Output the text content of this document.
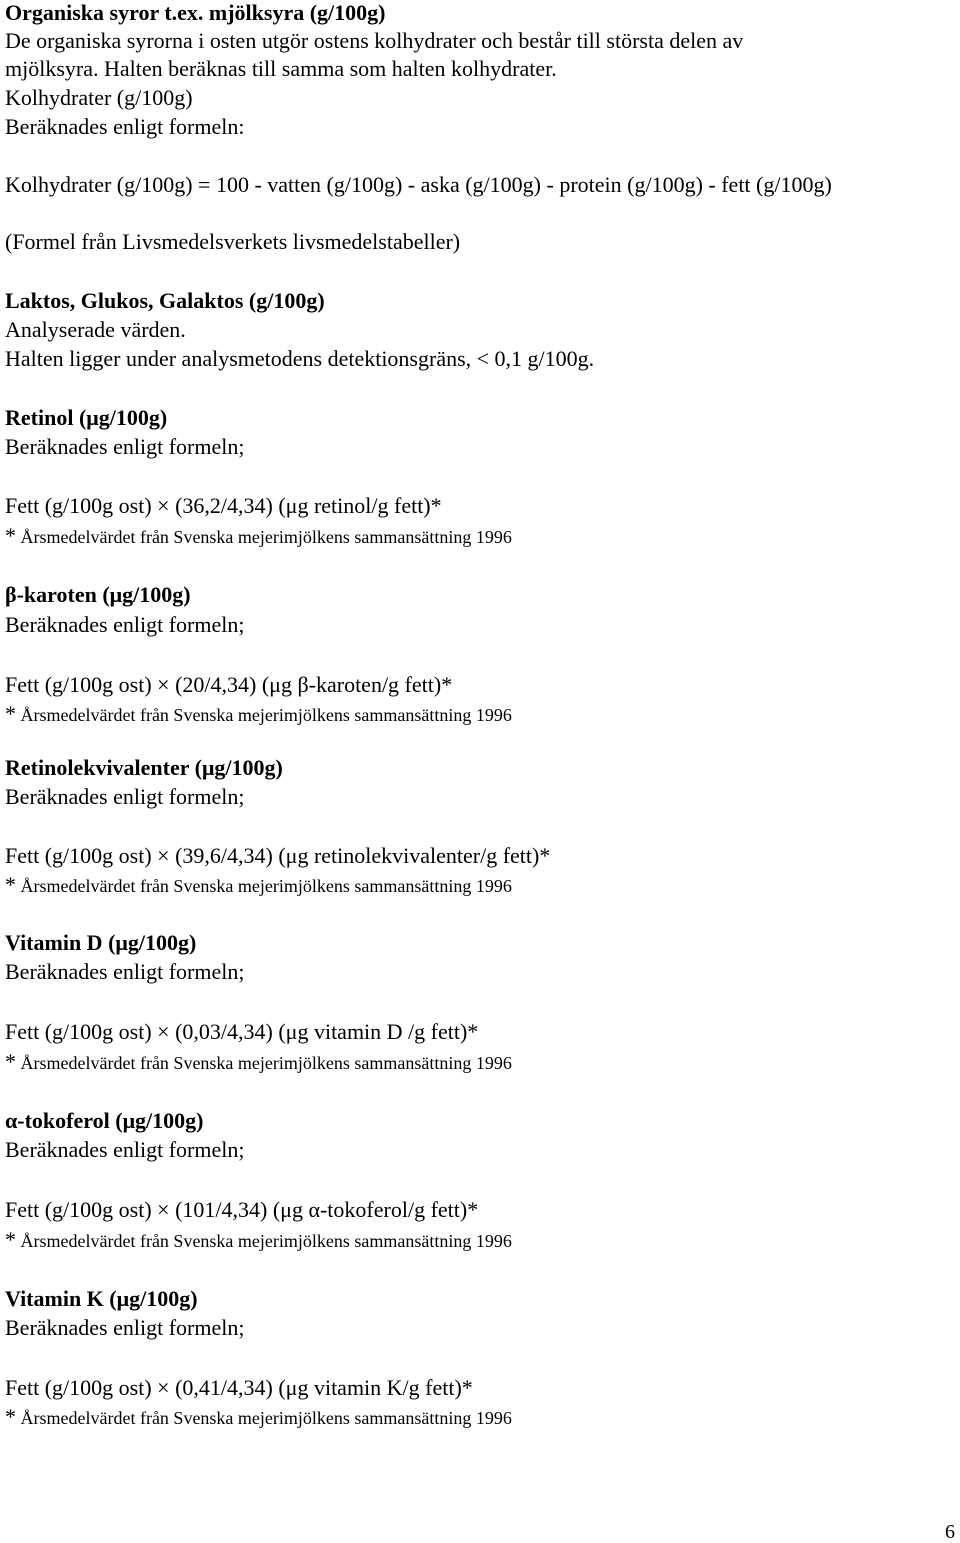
Organiska syror t.ex. mjölksyra (g/100g)
De organiska syrorna i osten utgör ostens kolhydrater och består till största delen av
mjölksyra. Halten beräknas till samma som halten kolhydrater.
Kolhydrater (g/100g)
Beräknades enligt formeln:
Kolhydrater (g/100g) = 100 - vatten (g/100g) - aska (g/100g) - protein (g/100g) - fett (g/100g)
(Formel från Livsmedelsverkets livsmedelstabeller)
Laktos, Glukos, Galaktos (g/100g)
Analyserade värden.
Halten ligger under analysmetodens detektionsgräns, < 0,1 g/100g.
Retinol (μg/100g)
Beräknades enligt formeln;
Fett (g/100g ost) × (36,2/4,34) (μg retinol/g fett)*
* Årsmedelvärdet från Svenska mejerimjölkens sammansättning 1996
β-karoten (μg/100g)
Beräknades enligt formeln;
Fett (g/100g ost) × (20/4,34) (μg β-karoten/g fett)*
* Årsmedelvärdet från Svenska mejerimjölkens sammansättning 1996
Retinolekvivalenter (μg/100g)
Beräknades enligt formeln;
Fett (g/100g ost) × (39,6/4,34) (μg retinolekvivalenter/g fett)*
* Årsmedelvärdet från Svenska mejerimjölkens sammansättning 1996
Vitamin D (μg/100g)
Beräknades enligt formeln;
Fett (g/100g ost) × (0,03/4,34) (μg vitamin D /g fett)*
* Årsmedelvärdet från Svenska mejerimjölkens sammansättning 1996
α-tokoferol (μg/100g)
Beräknades enligt formeln;
Fett (g/100g ost) × (101/4,34) (μg α-tokoferol/g fett)*
* Årsmedelvärdet från Svenska mejerimjölkens sammansättning 1996
Vitamin K (μg/100g)
Beräknades enligt formeln;
Fett (g/100g ost) × (0,41/4,34) (μg vitamin K/g fett)*
* Årsmedelvärdet från Svenska mejerimjölkens sammansättning 1996
6
